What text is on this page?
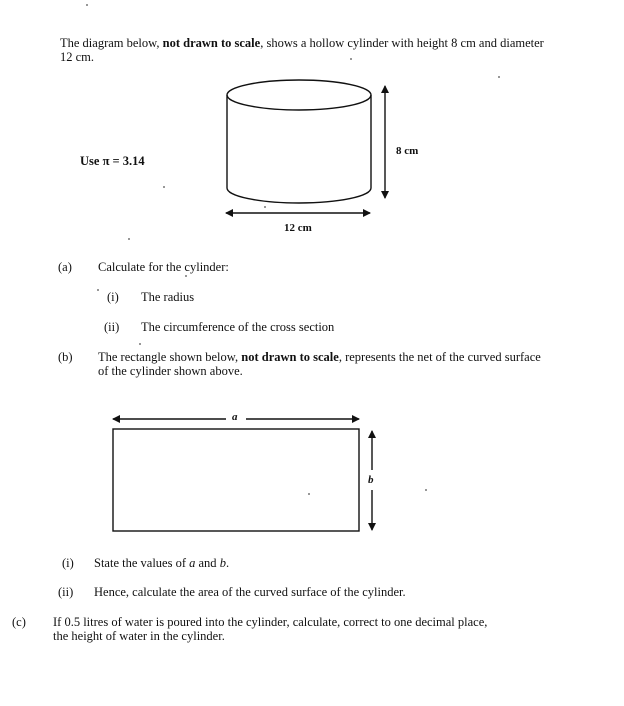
The diagram below, not drawn to scale, shows a hollow cylinder with height 8 cm and diameter
12 cm.
Use π = 3.14
8 cm
12 cm
a
b
(a) Calculate for the cylinder:
(i) The radius
(ii) The circumference of the cross section
(b) The rectangle shown below, not drawn to scale, represents the net of the curved surface
of the cylinder shown above.
(i) State the values of a and b.
(ii) Hence, calculate the area of the curved surface of the cylinder.
(c) If 0.5 litres of water is poured into the cylinder, calculate, correct to one decimal place,
the height of water in the cylinder.
